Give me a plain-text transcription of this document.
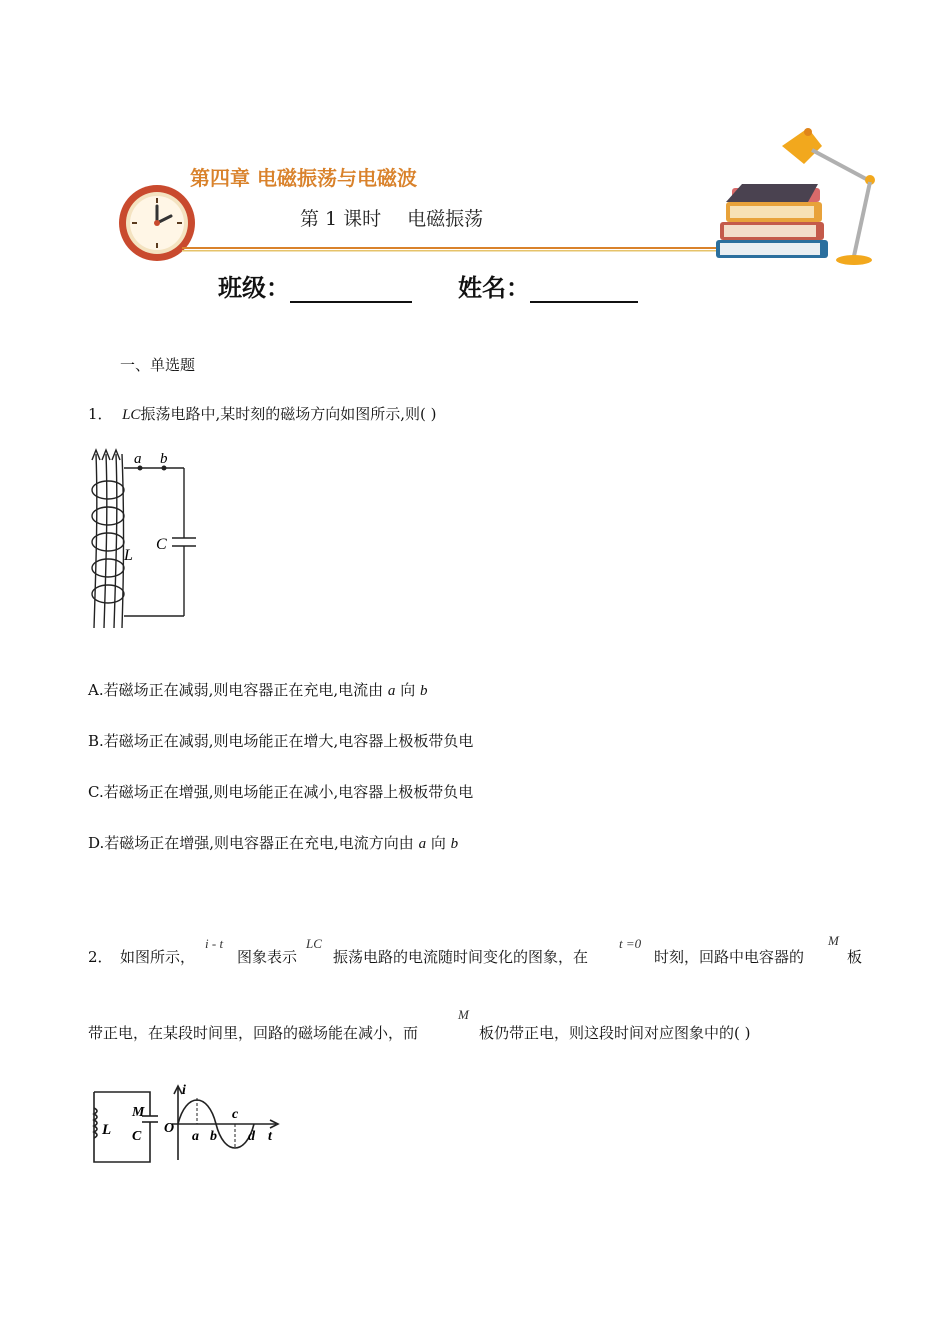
第四章 电磁振荡与电磁波
第 1 课时 电磁振荡
班级：	姓名：
一、单选题
1． LC振荡电路中,某时刻的磁场方向如图所示,则( )
a b
L
C
A.若磁场正在减弱,则电容器正在充电,电流由 a 向 b
B.若磁场正在减弱,则电场能正在增大,电容器上极板带负电
C.若磁场正在增强,则电场能正在减小,电容器上极板带负电
D.若磁场正在增强,则电容器正在充电,电流方向由 a 向 b
2． 如图所示，
i - t
图象表示
LC
振荡电路的电流随时间变化的图象，在
t =0
时刻，回路中电容器的
M
板
带正电，在某段时间里，回路的磁场能在减小，而
M
板仍带正电，则这段时间对应图象中的( )
L
M
C
O
i
a b
c
d t
